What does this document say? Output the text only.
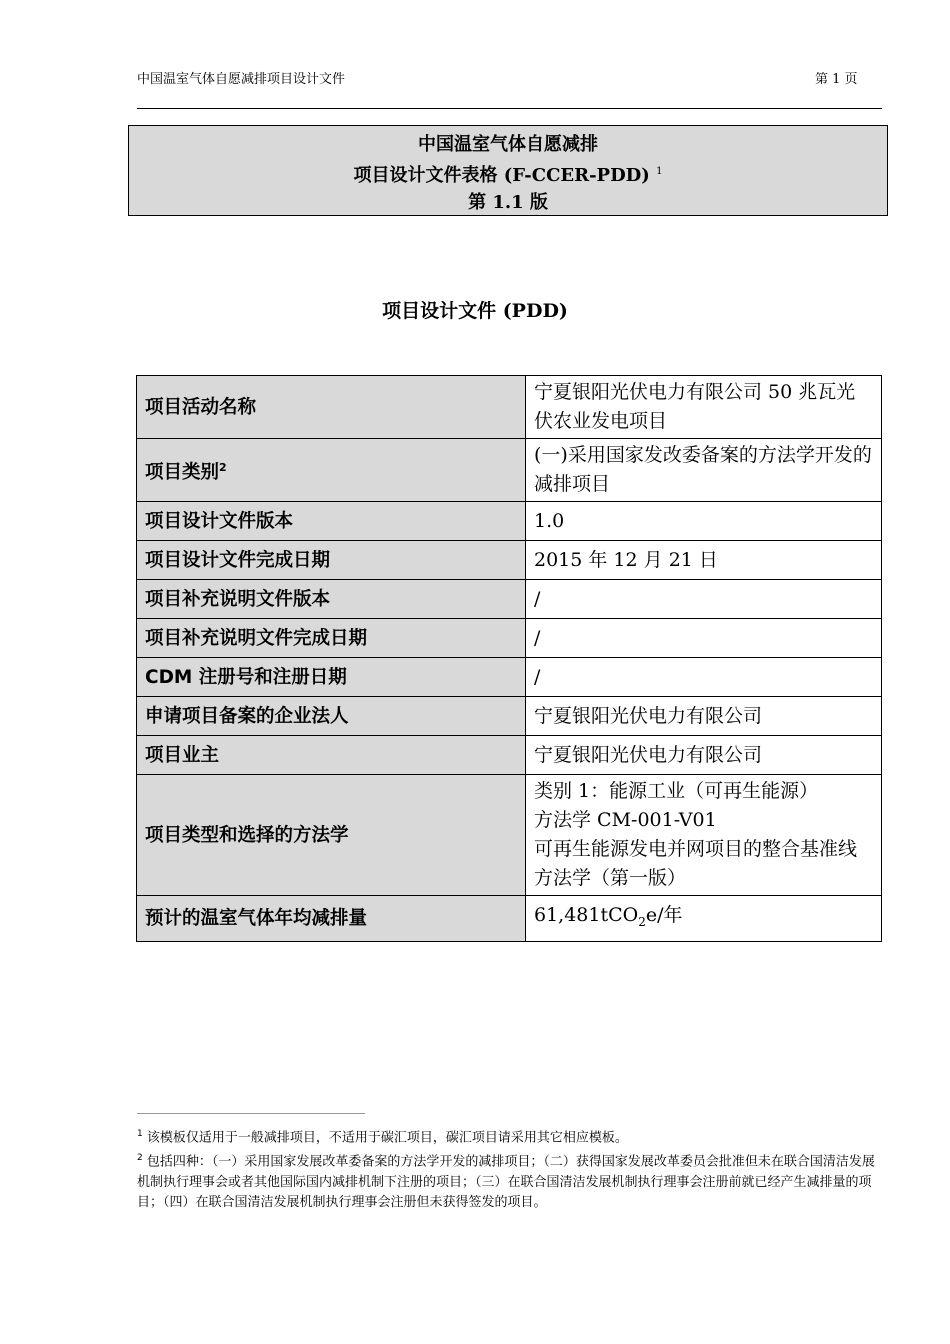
中国温室气体自愿减排项目设计文件	第 1 页
中国温室气体自愿减排
项目设计文件表格 (F-CCER-PDD) $^1$
第 1.1 版
项目设计文件 (PDD)
项目活动名称	宁夏银阳光伏电力有限公司 50 兆瓦光伏农业发电项目
项目类别$^2$	(一)采用国家发改委备案的方法学开发的减排项目
项目设计文件版本	1.0
项目设计文件完成日期	2015 年 12 月 21 日
项目补充说明文件版本	/
项目补充说明文件完成日期	/
CDM 注册号和注册日期	/
申请项目备案的企业法人	宁夏银阳光伏电力有限公司
项目业主	宁夏银阳光伏电力有限公司
项目类型和选择的方法学	类别 1：能源工业（可再生能源）
方法学 CM-001-V01
可再生能源发电并网项目的整合基准线方法学（第一版）

预计的温室气体年均减排量	61,481tCO$_2$e/年
$^1$ 该模板仅适用于一般减排项目，不适用于碳汇项目，碳汇项目请采用其它相应模板。
$^2$ 包括四种：（一）采用国家发展改革委备案的方法学开发的减排项目；（二）获得国家发展改革委员会批准但未在联合国清洁发展机制执行理事会或者其他国际国内减排机制下注册的项目；（三）在联合国清洁发展机制执行理事会注册前就已经产生减排量的项目；（四）在联合国清洁发展机制执行理事会注册但未获得签发的项目。
